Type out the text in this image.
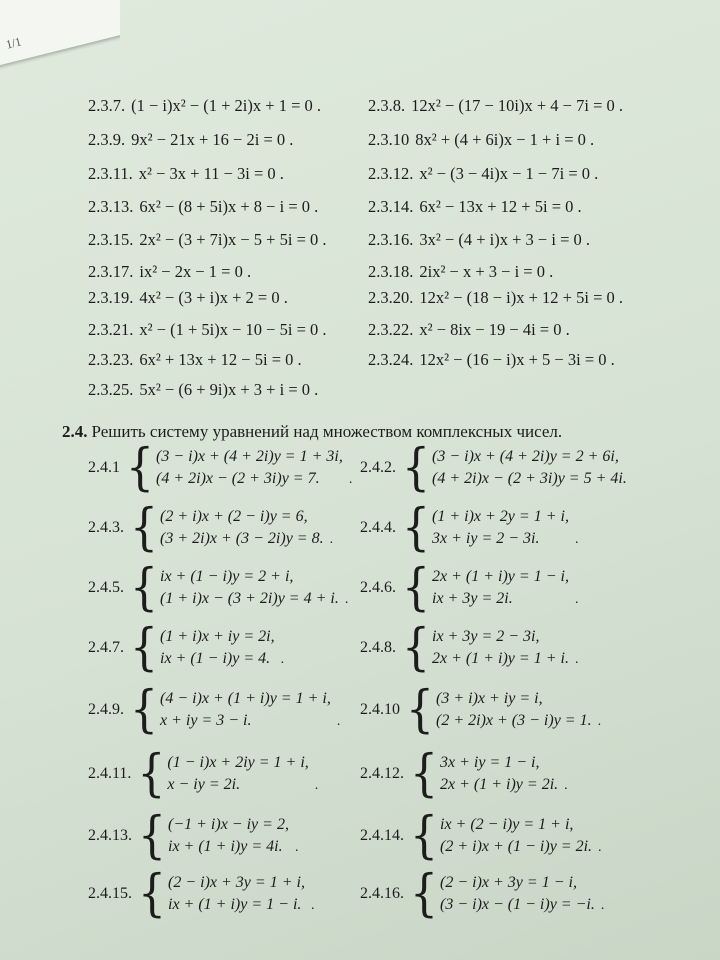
1/1
2.3.7. (1 − i)x² − (1 + 2i)x + 1 = 0 .	2.3.8. 12x² − (17 − 10i)x + 4 − 7i = 0 .
2.3.9. 9x² − 21x + 16 − 2i = 0 .	2.3.10 8x² + (4 + 6i)x − 1 + i = 0 .
2.3.11. x² − 3x + 11 − 3i = 0 .	2.3.12. x² − (3 − 4i)x − 1 − 7i = 0 .
2.3.13. 6x² − (8 + 5i)x + 8 − i = 0 .	2.3.14. 6x² − 13x + 12 + 5i = 0 .
2.3.15. 2x² − (3 + 7i)x − 5 + 5i = 0 .	2.3.16. 3x² − (4 + i)x + 3 − i = 0 .
2.3.17. ix² − 2x − 1 = 0 .	2.3.18. 2ix² − x + 3 − i = 0 .
2.3.19. 4x² − (3 + i)x + 2 = 0 .	2.3.20. 12x² − (18 − i)x + 12 + 5i = 0 .
2.3.21. x² − (1 + 5i)x − 10 − 5i = 0 .	2.3.22. x² − 8ix − 19 − 4i = 0 .
2.3.23. 6x² + 13x + 12 − 5i = 0 .	2.3.24. 12x² − (16 − i)x + 5 − 3i = 0 .
2.3.25. 5x² − (6 + 9i)x + 3 + i = 0 .
2.4. Решить систему уравнений над множеством комплексных чисел.
2.4.1 { (3 − i)x + (4 + 2i)y = 1 + 3i,
(4 + 2i)x − (2 + 3i)y = 7.	.
2.4.2. { (3 − i)x + (4 + 2i)y = 2 + 6i,
(4 + 2i)x − (2 + 3i)y = 5 + 4i.
2.4.3. { (2 + i)x + (2 − i)y = 6,
(3 + 2i)x + (3 − 2i)y = 8. .
2.4.4. { (1 + i)x + 2y = 1 + i,
3x + iy = 2 − 3i.	.
2.4.5. { ix + (1 − i)y = 2 + i,
(1 + i)x − (3 + 2i)y = 4 + i. .
2.4.6. { 2x + (1 + i)y = 1 − i,
ix + 3y = 2i.	.
2.4.7. { (1 + i)x + iy = 2i,
ix + (1 − i)y = 4. .
2.4.8. { ix + 3y = 2 − 3i,
2x + (1 + i)y = 1 + i. .
2.4.9. { (4 − i)x + (1 + i)y = 1 + i,
x + iy = 3 − i.	.
2.4.10 { (3 + i)x + iy = i,
(2 + 2i)x + (3 − i)y = 1. .
2.4.11. { (1 − i)x + 2iy = 1 + i,
x − iy = 2i.	.
2.4.12. { 3x + iy = 1 − i,
2x + (1 + i)y = 2i. .
2.4.13. { (−1 + i)x − iy = 2,
ix + (1 + i)y = 4i. .
2.4.14. { ix + (2 − i)y = 1 + i,
(2 + i)x + (1 − i)y = 2i. .
2.4.15. { (2 − i)x + 3y = 1 + i,
ix + (1 + i)y = 1 − i. .
2.4.16. { (2 − i)x + 3y = 1 − i,
(3 − i)x − (1 − i)y = −i. .
